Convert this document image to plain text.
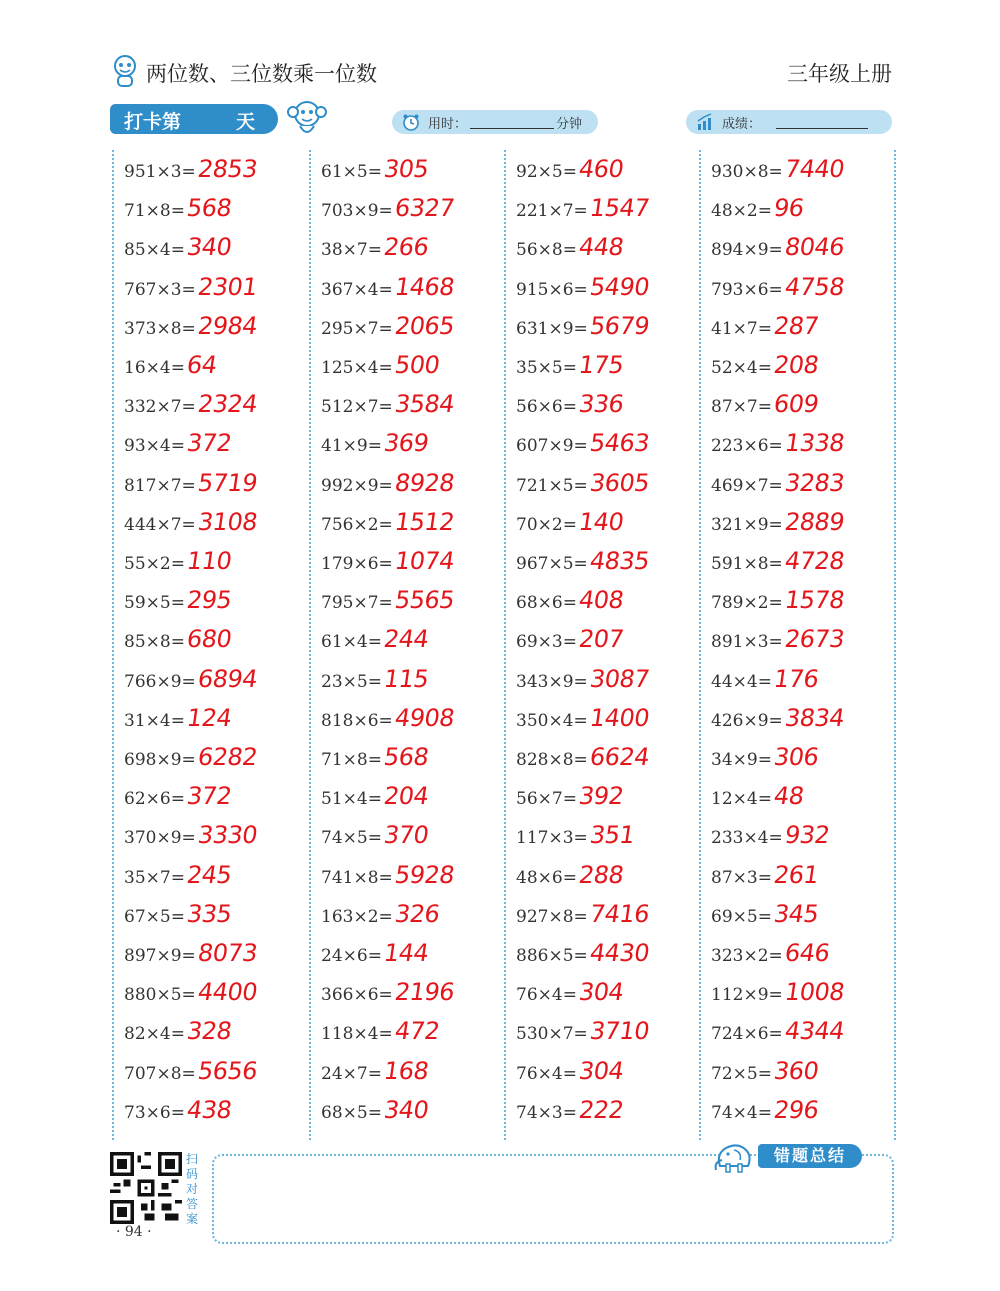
两位数、三位数乘一位数	三年级上册
打卡第	天	用时：	分钟	成绩：
951×3= 2853
71×8= 568
85×4= 340
767×3= 2301
373×8= 2984
16×4= 64
332×7= 2324
93×4= 372
817×7= 5719
444×7= 3108
55×2= 110
59×5= 295
85×8= 680
766×9= 6894
31×4= 124
698×9= 6282
62×6= 372
370×9= 3330
35×7= 245
67×5= 335
897×9= 8073
880×5= 4400
82×4= 328
707×8= 5656
73×6= 438
61×5= 305
703×9= 6327
38×7= 266
367×4= 1468
295×7= 2065
125×4= 500
512×7= 3584
41×9= 369
992×9= 8928
756×2= 1512
179×6= 1074
795×7= 5565
61×4= 244
23×5= 115
818×6= 4908
71×8= 568
51×4= 204
74×5= 370
741×8= 5928
163×2= 326
24×6= 144
366×6= 2196
118×4= 472
24×7= 168
68×5= 340
92×5= 460
221×7= 1547
56×8= 448
915×6= 5490
631×9= 5679
35×5= 175
56×6= 336
607×9= 5463
721×5= 3605
70×2= 140
967×5= 4835
68×6= 408
69×3= 207
343×9= 3087
350×4= 1400
828×8= 6624
56×7= 392
117×3= 351
48×6= 288
927×8= 7416
886×5= 4430
76×4= 304
530×7= 3710
76×4= 304
74×3= 222
930×8= 7440
48×2= 96
894×9= 8046
793×6= 4758
41×7= 287
52×4= 208
87×7= 609
223×6= 1338
469×7= 3283
321×9= 2889
591×8= 4728
789×2= 1578
891×3= 2673
44×4= 176
426×9= 3834
34×9= 306
12×4= 48
233×4= 932
87×3= 261
69×5= 345
323×2= 646
112×9= 1008
724×6= 4344
72×5= 360
74×4= 296
扫码对答案
· 94 ·
错题总结
